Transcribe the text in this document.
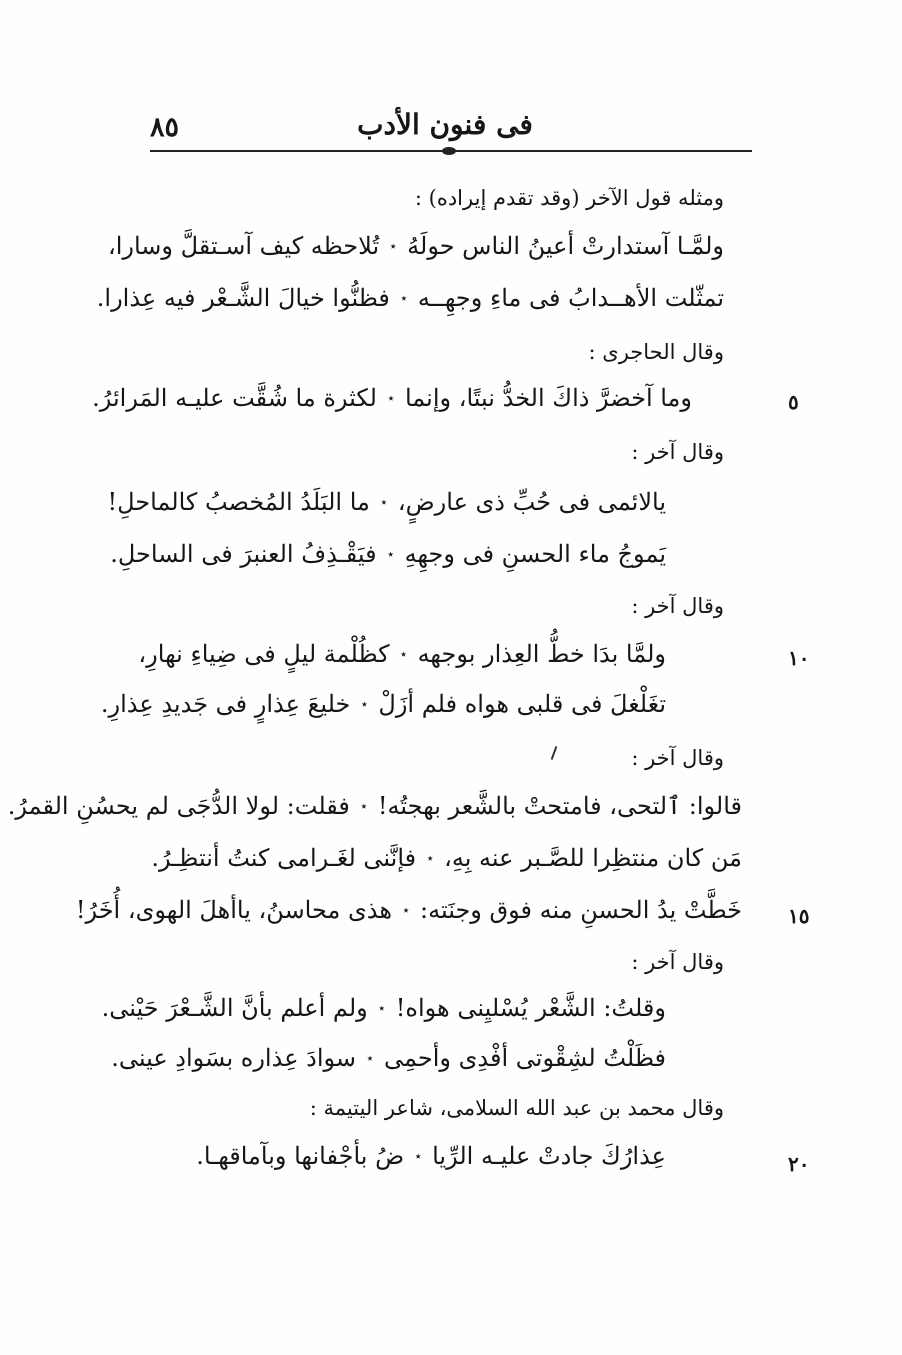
٨٥	فى فنون الأدب
ومثله قول الآخر (وقد تقدم إيراده) :
وقال الحاجرى :
وقال آخر :
وقال آخر :
وقال آخر :
وقال آخر :
وقال محمد بن عبد الله السلامى، شاعر اليتيمة :
ولمَّـا آستدارتْ أعينُ الناس حولَهُ
٭
تُلاحظه كيف آسـتقلَّ وسارا،
تمثّلت الأهــدابُ فى ماءِ وجهِــه
٭
فظنُّوا خيالَ الشَّـعْر فيه عِذارا.
وما آخضرَّ ذاكَ الخدُّ نبتًا، وإنما
٭
لكثرة ما شُقَّت عليـه المَرائرُ.
يالائمى فى حُبِّ ذى عارضٍ،
٭
ما البَلَدُ المُخصبُ كالماحلِ!
يَموجُ ماء الحسنِ فى وجهِهِ
٭
فيَقْـذِفُ العنبرَ فى الساحلِ.
ولمَّا بدَا خطُّ العِذار بوجهه
٭
كظُلْمة ليلٍ فى ضِياءِ نهارِ،
تغَلْغلَ فى قلبى هواه فلم أزَلْ
٭
خليعَ عِذارٍ فى جَديدِ عِذارِ.
قالوا: ٱلتحى، فامتحتْ بالشَّعر بهجتُه!
٭
فقلت: لولا الدُّجَى لم يحسُنِ القمرُ.
مَن كان منتظِرا للصَّـبر عنه بِهِ،
٭
فإنَّنى لغَـرامى كنتُ أنتظِـرُ.
خَطَّتْ يدُ الحسنِ منه فوق وجنَته:
٭
هذى محاسنُ، ياأهلَ الهوى، أُخَرُ!
وقلتُ: الشَّعْر يُسْليِنى هواه!
٭
ولم أعلم بأنَّ الشَّـعْرَ حَيْنى.
فظَلْتُ لشِقْوتى أفْدِى وأحمِى
٭
سوادَ عِذاره بسَوادِ عينى.
عِذارُكَ جادتْ عليـه الرِّيا
٭
ضُ بأجْفانها وبآماقهـا.
٥
١٠
١٥
٢٠
